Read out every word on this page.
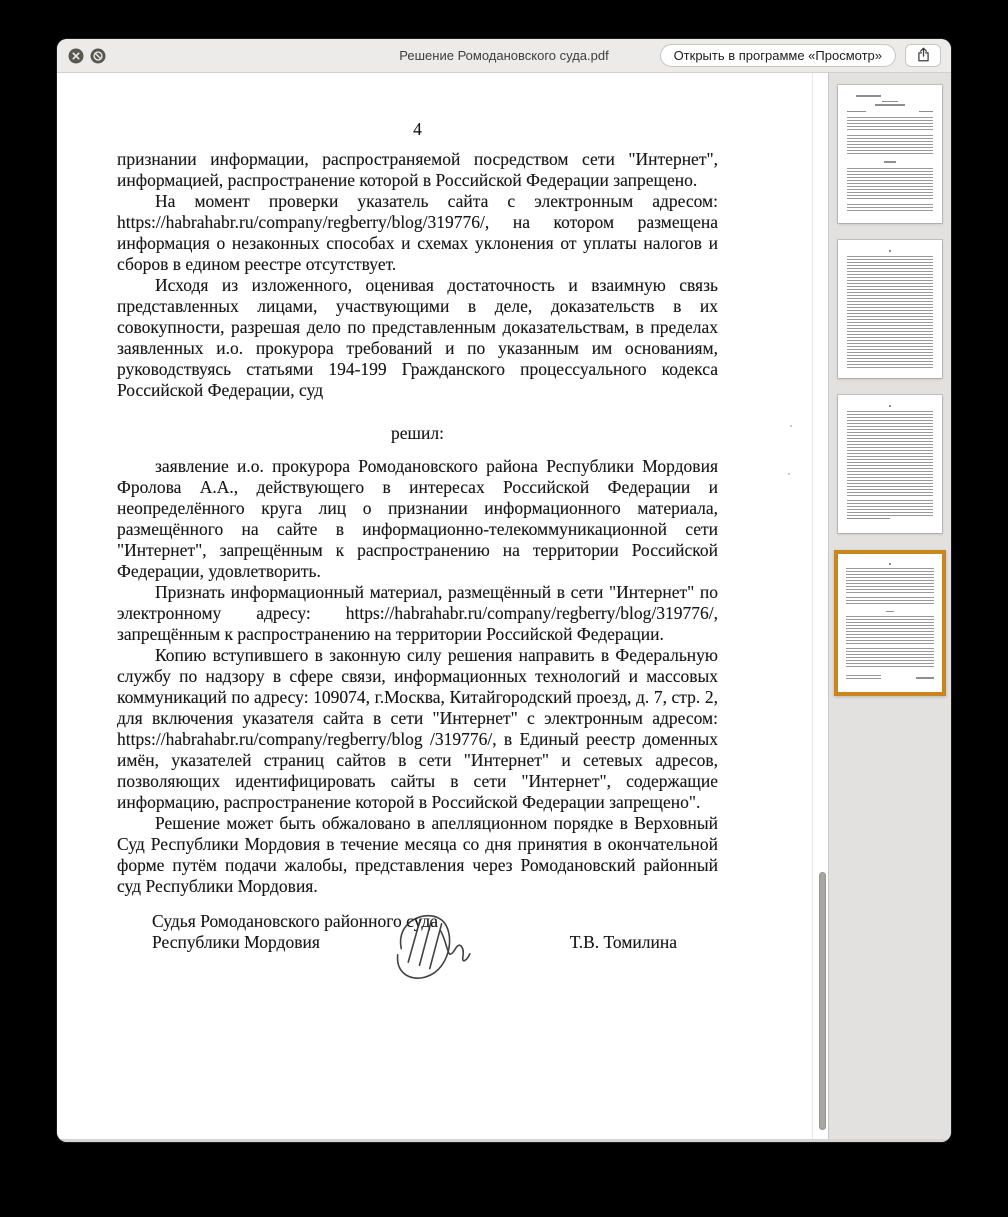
Решение Ромодановского суда.pdf	Открыть в программе «Просмотр»
4

признании информации, распространяемой посредством сети "Интернет", информацией, распространение которой в Российской Федерации запрещено.

На момент проверки указатель сайта с электронным адресом: https://habrahabr.ru/company/regberry/blog/319776/, на котором размещена информация о незаконных способах и схемах уклонения от уплаты налогов и сборов в едином реестре отсутствует.

Исходя из изложенного, оценивая достаточность и взаимную связь представленных лицами, участвующими в деле, доказательств в их совокупности, разрешая дело по представленным доказательствам, в пределах заявленных и.о. прокурора требований и по указанным им основаниям, руководствуясь статьями 194-199 Гражданского процессуального кодекса Российской Федерации, суд

решил:

заявление и.о. прокурора Ромодановского района Республики Мордовия Фролова А.А., действующего в интересах Российской Федерации и неопределённого круга лиц о признании информационного материала, размещённого на сайте в информационно-телекоммуникационной сети "Интернет", запрещённым к распространению на территории Российской Федерации, удовлетворить.

Признать информационный материал, размещённый в сети "Интернет" по электронному адресу: https://habrahabr.ru/company/regberry/blog/319776/, запрещённым к распространению на территории Российской Федерации.

Копию вступившего в законную силу решения направить в Федеральную службу по надзору в сфере связи, информационных технологий и массовых коммуникаций по адресу: 109074, г.Москва, Китайгородский проезд, д. 7, стр. 2, для включения указателя сайта в сети "Интернет" с электронным адресом: https://habrahabr.ru/company/regberry/blog /319776/, в Единый реестр доменных имён, указателей страниц сайтов в сети "Интернет" и сетевых адресов, позволяющих идентифицировать сайты в сети "Интернет", содержащие информацию, распространение которой в Российской Федерации запрещено".

Решение может быть обжаловано в апелляционном порядке в Верховный Суд Республики Мордовия в течение месяца со дня принятия в окончательной форме путём подачи жалобы, представления через Ромодановский районный суд Республики Мордовия.

Судья Ромодановского районного суда
Республики Мордовия	Т.В. Томилина
